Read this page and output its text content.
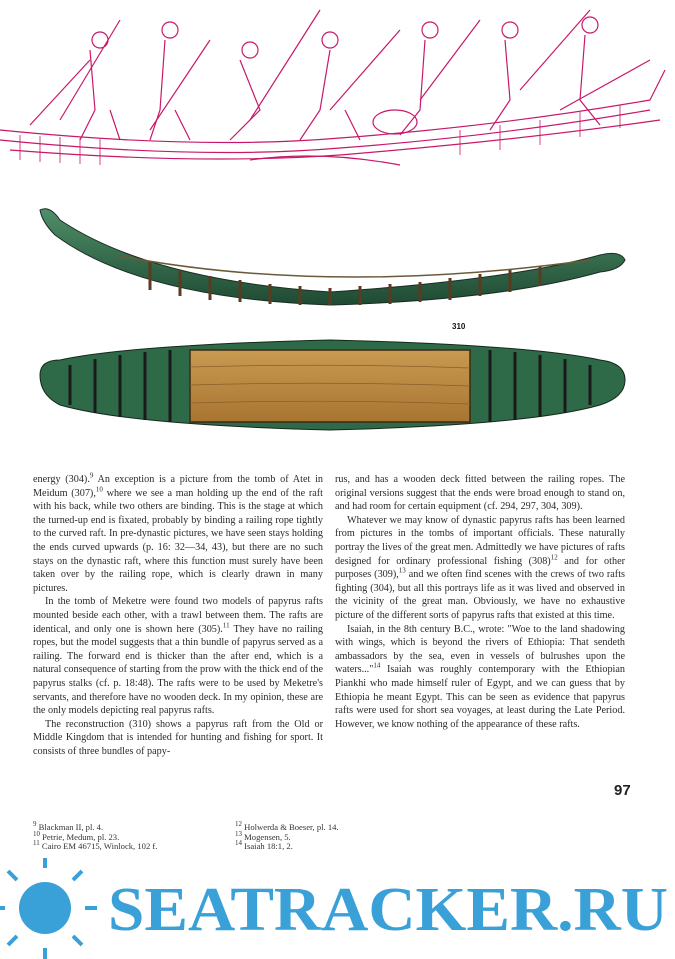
310

energy (304).$^9$ An exception is a picture from the tomb of Atet in Meidum (307),$^{10}$ where we see a man holding up the end of the raft with his back, while two others are binding. This is the stage at which the turned-up end is fixated, probably by binding a railing rope tightly to the curved raft. In pre-dynastic pictures, we have seen stays holding the ends curved upwards (p. 16: 32—34, 43), but there are no such stays on the dynastic raft, where this function must surely have been taken over by the railing rope, which is clearly drawn in many pictures.

In the tomb of Meketre were found two models of papyrus rafts mounted beside each other, with a trawl between them. The rafts are identical, and only one is shown here (305).$^{11}$ They have no railing ropes, but the model suggests that a thin bundle of papyrus served as a railing. The forward end is thicker than the after end, which is a natural consequence of starting from the prow with the thick end of the papyrus stalks (cf. p. 18:48). The rafts were to be used by Meketre's servants, and therefore have no wooden deck. In my opinion, these are the only models depicting real papyrus rafts.

The reconstruction (310) shows a papyrus raft from the Old or Middle Kingdom that is intended for hunting and fishing for sport. It consists of three bundles of papy-

rus, and has a wooden deck fitted between the railing ropes. The original versions suggest that the ends were broad enough to stand on, and had room for certain equipment (cf. 294, 297, 304, 309).

Whatever we may know of dynastic papyrus rafts has been learned from pictures in the tombs of important officials. These naturally portray the lives of the great men. Admittedly we have pictures of rafts designed for ordinary professional fishing $(308)^{12}$ and for other purposes (309),$^{13}$ and we often find scenes with the crews of two rafts fighting (304), but all this portrays life as it was lived and observed in the vicinity of the great man. Obviously, we have no exhaustive picture of the different sorts of papyrus rafts that existed at this time.

Isaiah, in the 8th century B.C., wrote: "Woe to the land shadowing with wings, which is beyond the rivers of Ethiopia: That sendeth ambassadors by the sea, even in vessels of bulrushes upon the waters..."$^{14}$ Isaiah was roughly contemporary with the Ethiopian Piankhi who made himself ruler of Egypt, and we can guess that by Ethiopia he meant Egypt. This can be seen as evidence that papyrus rafts were used for short sea voyages, at least during the Late Period. However, we know nothing of the appearance of these rafts.

97
$^9$ Blackman II, pl. 4.
$^{10}$ Petrie, Medum, pl. 23.
$^{11}$ Cairo EM 46715, Winlock, 102 f.
$^{12}$ Holwerda & Boeser, pl. 14.
$^{13}$ Mogensen, 5.
$^{14}$ Isaiah 18:1, 2.
SEATRACKER.RU
